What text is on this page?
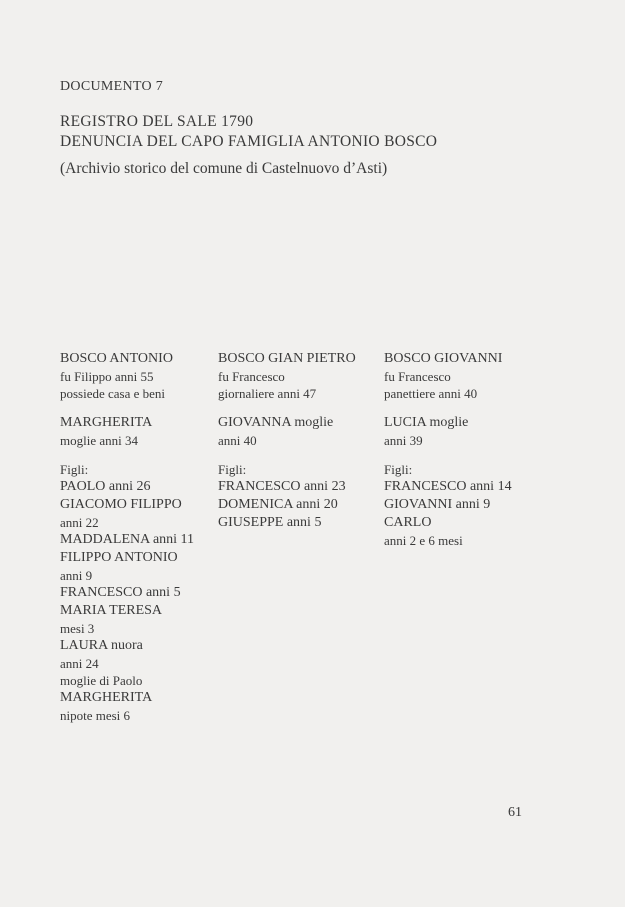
DOCUMENTO 7
REGISTRO DEL SALE 1790
DENUNCIA DEL CAPO FAMIGLIA ANTONIO BOSCO
(Archivio storico del comune di Castelnuovo d’Asti)
BOSCO ANTONIO
fu Filippo anni 55
possiede casa e beni
MARGHERITA
moglie anni 34
Figli:
PAOLO anni 26
GIACOMO FILIPPO
anni 22
MADDALENA anni 11
FILIPPO ANTONIO
anni 9
FRANCESCO anni 5
MARIA TERESA
mesi 3
LAURA nuora
anni 24
moglie di Paolo
MARGHERITA
nipote mesi 6
BOSCO GIAN PIETRO
fu Francesco
giornaliere anni 47
GIOVANNA moglie
anni 40
Figli:
FRANCESCO anni 23
DOMENICA anni 20
GIUSEPPE anni 5
BOSCO GIOVANNI
fu Francesco
panettiere anni 40
LUCIA moglie
anni 39
Figli:
FRANCESCO anni 14
GIOVANNI anni 9
CARLO
anni 2 e 6 mesi
61
